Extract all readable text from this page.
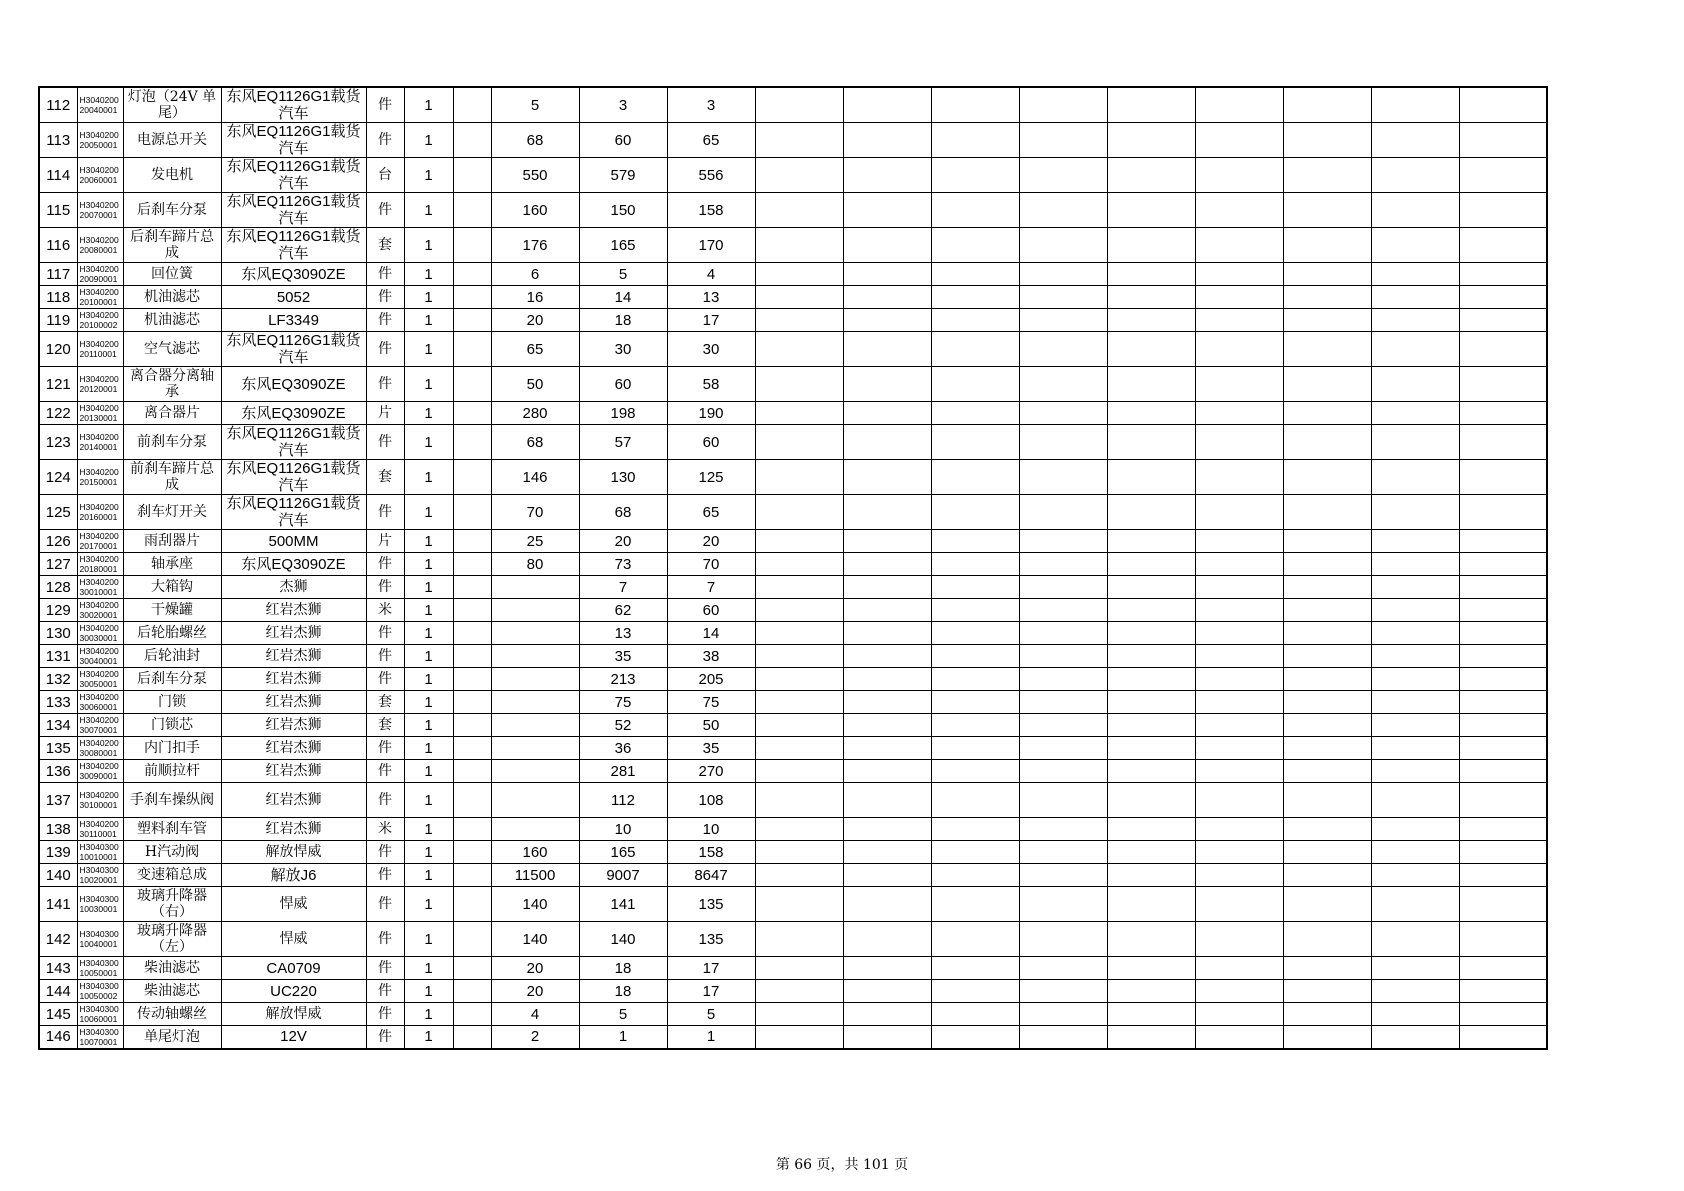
112	H304020020040001	灯泡（24V 单尾）	东风EQ1126G1载货汽车	件	1		5	3	3									
113	H304020020050001	电源总开关	东风EQ1126G1载货汽车	件	1		68	60	65									
114	H304020020060001	发电机	东风EQ1126G1载货汽车	台	1		550	579	556									
115	H304020020070001	后刹车分泵	东风EQ1126G1载货汽车	件	1		160	150	158									
116	H304020020080001	后刹车蹄片总成	东风EQ1126G1载货汽车	套	1		176	165	170									
117	H304020020090001	回位簧	东风EQ3090ZE	件	1		6	5	4									
118	H304020020100001	机油滤芯	5052	件	1		16	14	13									
119	H304020020100002	机油滤芯	LF3349	件	1		20	18	17									
120	H304020020110001	空气滤芯	东风EQ1126G1载货汽车	件	1		65	30	30									
121	H304020020120001	离合器分离轴承	东风EQ3090ZE	件	1		50	60	58									
122	H304020020130001	离合器片	东风EQ3090ZE	片	1		280	198	190									
123	H304020020140001	前刹车分泵	东风EQ1126G1载货汽车	件	1		68	57	60									
124	H304020020150001	前刹车蹄片总成	东风EQ1126G1载货汽车	套	1		146	130	125									
125	H304020020160001	刹车灯开关	东风EQ1126G1载货汽车	件	1		70	68	65									
126	H304020020170001	雨刮器片	500MM	片	1		25	20	20									
127	H304020020180001	轴承座	东风EQ3090ZE	件	1		80	73	70									
128	H304020030010001	大箱钩	杰狮	件	1			7	7									
129	H304020030020001	干燥罐	红岩杰狮	米	1			62	60									
130	H304020030030001	后轮胎螺丝	红岩杰狮	件	1			13	14									
131	H304020030040001	后轮油封	红岩杰狮	件	1			35	38									
132	H304020030050001	后刹车分泵	红岩杰狮	件	1			213	205									
133	H304020030060001	门锁	红岩杰狮	套	1			75	75									
134	H304020030070001	门锁芯	红岩杰狮	套	1			52	50									
135	H304020030080001	内门扣手	红岩杰狮	件	1			36	35									
136	H304020030090001	前顺拉杆	红岩杰狮	件	1			281	270									
137	H304020030100001	手刹车操纵阀	红岩杰狮	件	1			112	108									
138	H304020030110001	塑料刹车管	红岩杰狮	米	1			10	10									
139	H304030010010001	H汽动阀	解放悍威	件	1		160	165	158									
140	H304030010020001	变速箱总成	解放J6	件	1		11500	9007	8647									
141	H304030010030001	玻璃升降器（右）	悍威	件	1		140	141	135									
142	H304030010040001	玻璃升降器（左）	悍威	件	1		140	140	135									
143	H304030010050001	柴油滤芯	CA0709	件	1		20	18	17									
144	H304030010050002	柴油滤芯	UC220	件	1		20	18	17									
145	H304030010060001	传动轴螺丝	解放悍威	件	1		4	5	5									
146	H304030010070001	单尾灯泡	12V	件	1		2	1	1									
第 66 页，共 101 页
